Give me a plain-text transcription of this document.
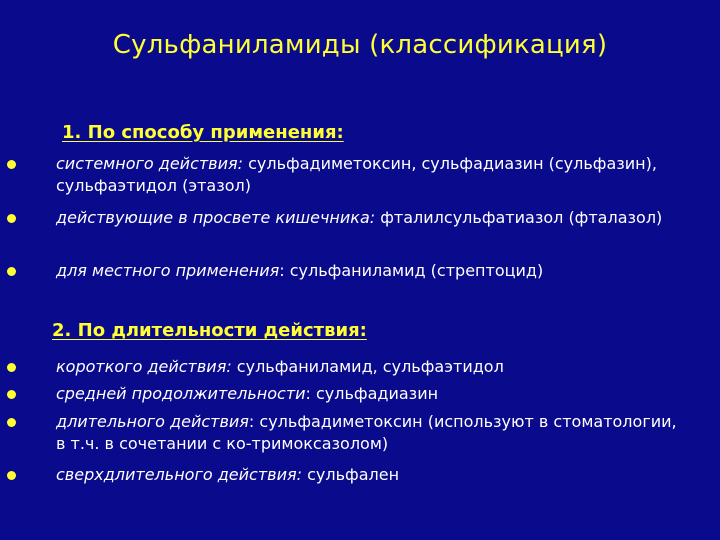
Сульфаниламиды (классификация)
1. По способу применения:
системного действия: сульфадиметоксин, сульфадиазин (сульфазин), сульфаэтидол (этазол)
действующие в просвете кишечника: фталилсульфатиазол (фталазол)
для местного применения: сульфаниламид (стрептоцид)
2. По длительности действия:
короткого действия: сульфаниламид, сульфаэтидол
средней продолжительности: сульфадиазин
длительного действия: сульфадиметоксин (используют в стоматологии, в т.ч. в сочетании с ко-тримоксазолом)
сверхдлительного действия: сульфален
